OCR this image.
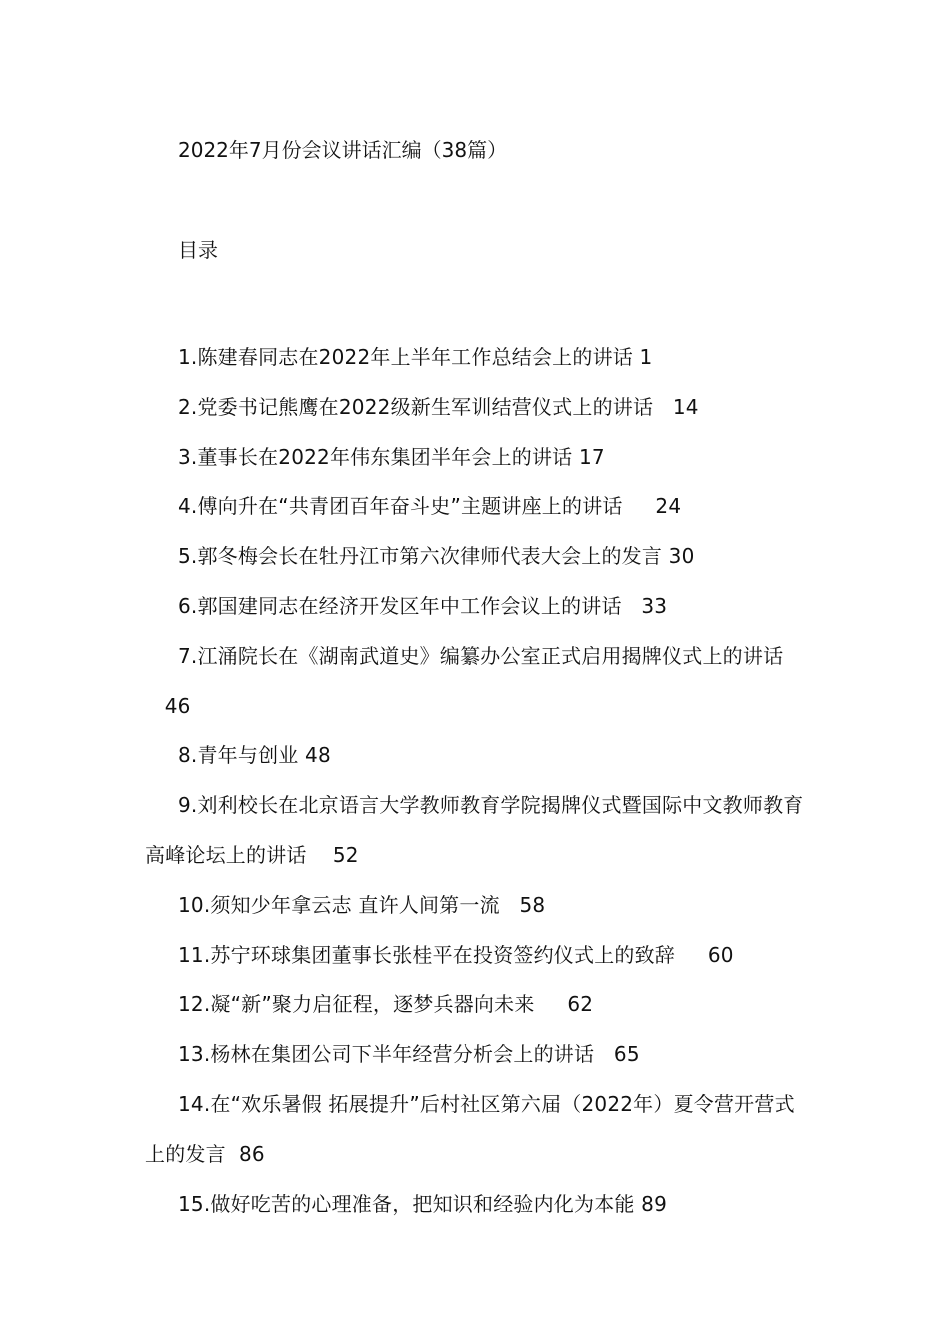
2022年7月份会议讲话汇编（38篇）
目录
1.陈建春同志在2022年上半年工作总结会上的讲话 1
2.党委书记熊鹰在2022级新生军训结营仪式上的讲话 14
3.董事长在2022年伟东集团半年会上的讲话 17
4.傅向升在“共青团百年奋斗史”主题讲座上的讲话 24
5.郭冬梅会长在牡丹江市第六次律师代表大会上的发言 30
6.郭国建同志在经济开发区年中工作会议上的讲话 33
7.江涌院长在《湖南武道史》编纂办公室正式启用揭牌仪式上的讲话   46
8.青年与创业 48
9.刘利校长在北京语言大学教师教育学院揭牌仪式暨国际中文教师教育高峰论坛上的讲话 52
10.须知少年拿云志 直许人间第一流 58
11.苏宁环球集团董事长张桂平在投资签约仪式上的致辞 60
12.凝“新”聚力启征程，逐梦兵器向未来 62
13.杨林在集团公司下半年经营分析会上的讲话 65
14.在“欢乐暑假 拓展提升”后村社区第六届（2022年）夏令营开营式上的发言 86
15.做好吃苦的心理准备，把知识和经验内化为本能 89
